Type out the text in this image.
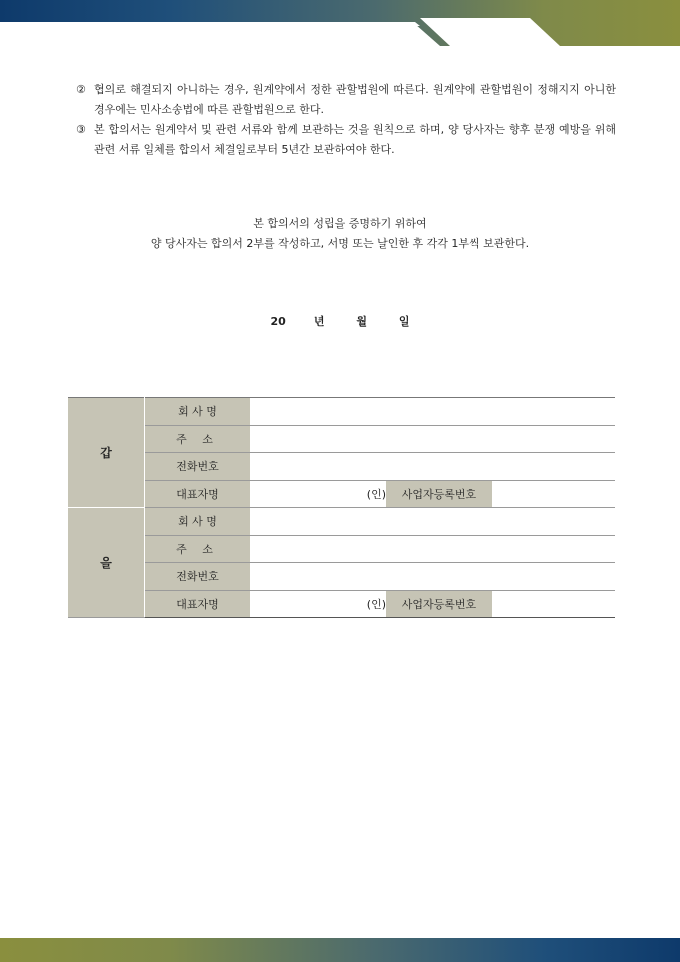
② 협의로 해결되지 아니하는 경우, 원계약에서 정한 관할법원에 따른다. 원계약에 관할법원이 정해지지 아니한 경우에는 민사소송법에 따른 관할법원으로 한다.
③ 본 합의서는 원계약서 및 관련 서류와 함께 보관하는 것을 원칙으로 하며, 양 당사자는 향후 분쟁 예방을 위해 관련 서류 일체를 합의서 체결일로부터 5년간 보관하여야 한다.
본 합의서의 성립을 증명하기 위하여
양 당사자는 합의서 2부를 작성하고, 서명 또는 날인한 후 각각 1부씩 보관한다.
20	년	월	일
갑	회 사 명			
	주 소			
	전화번호			
	대표자명	(인)	사업자등록번호	
을	회 사 명			
	주 소			
	전화번호			
	대표자명	(인)	사업자등록번호	
